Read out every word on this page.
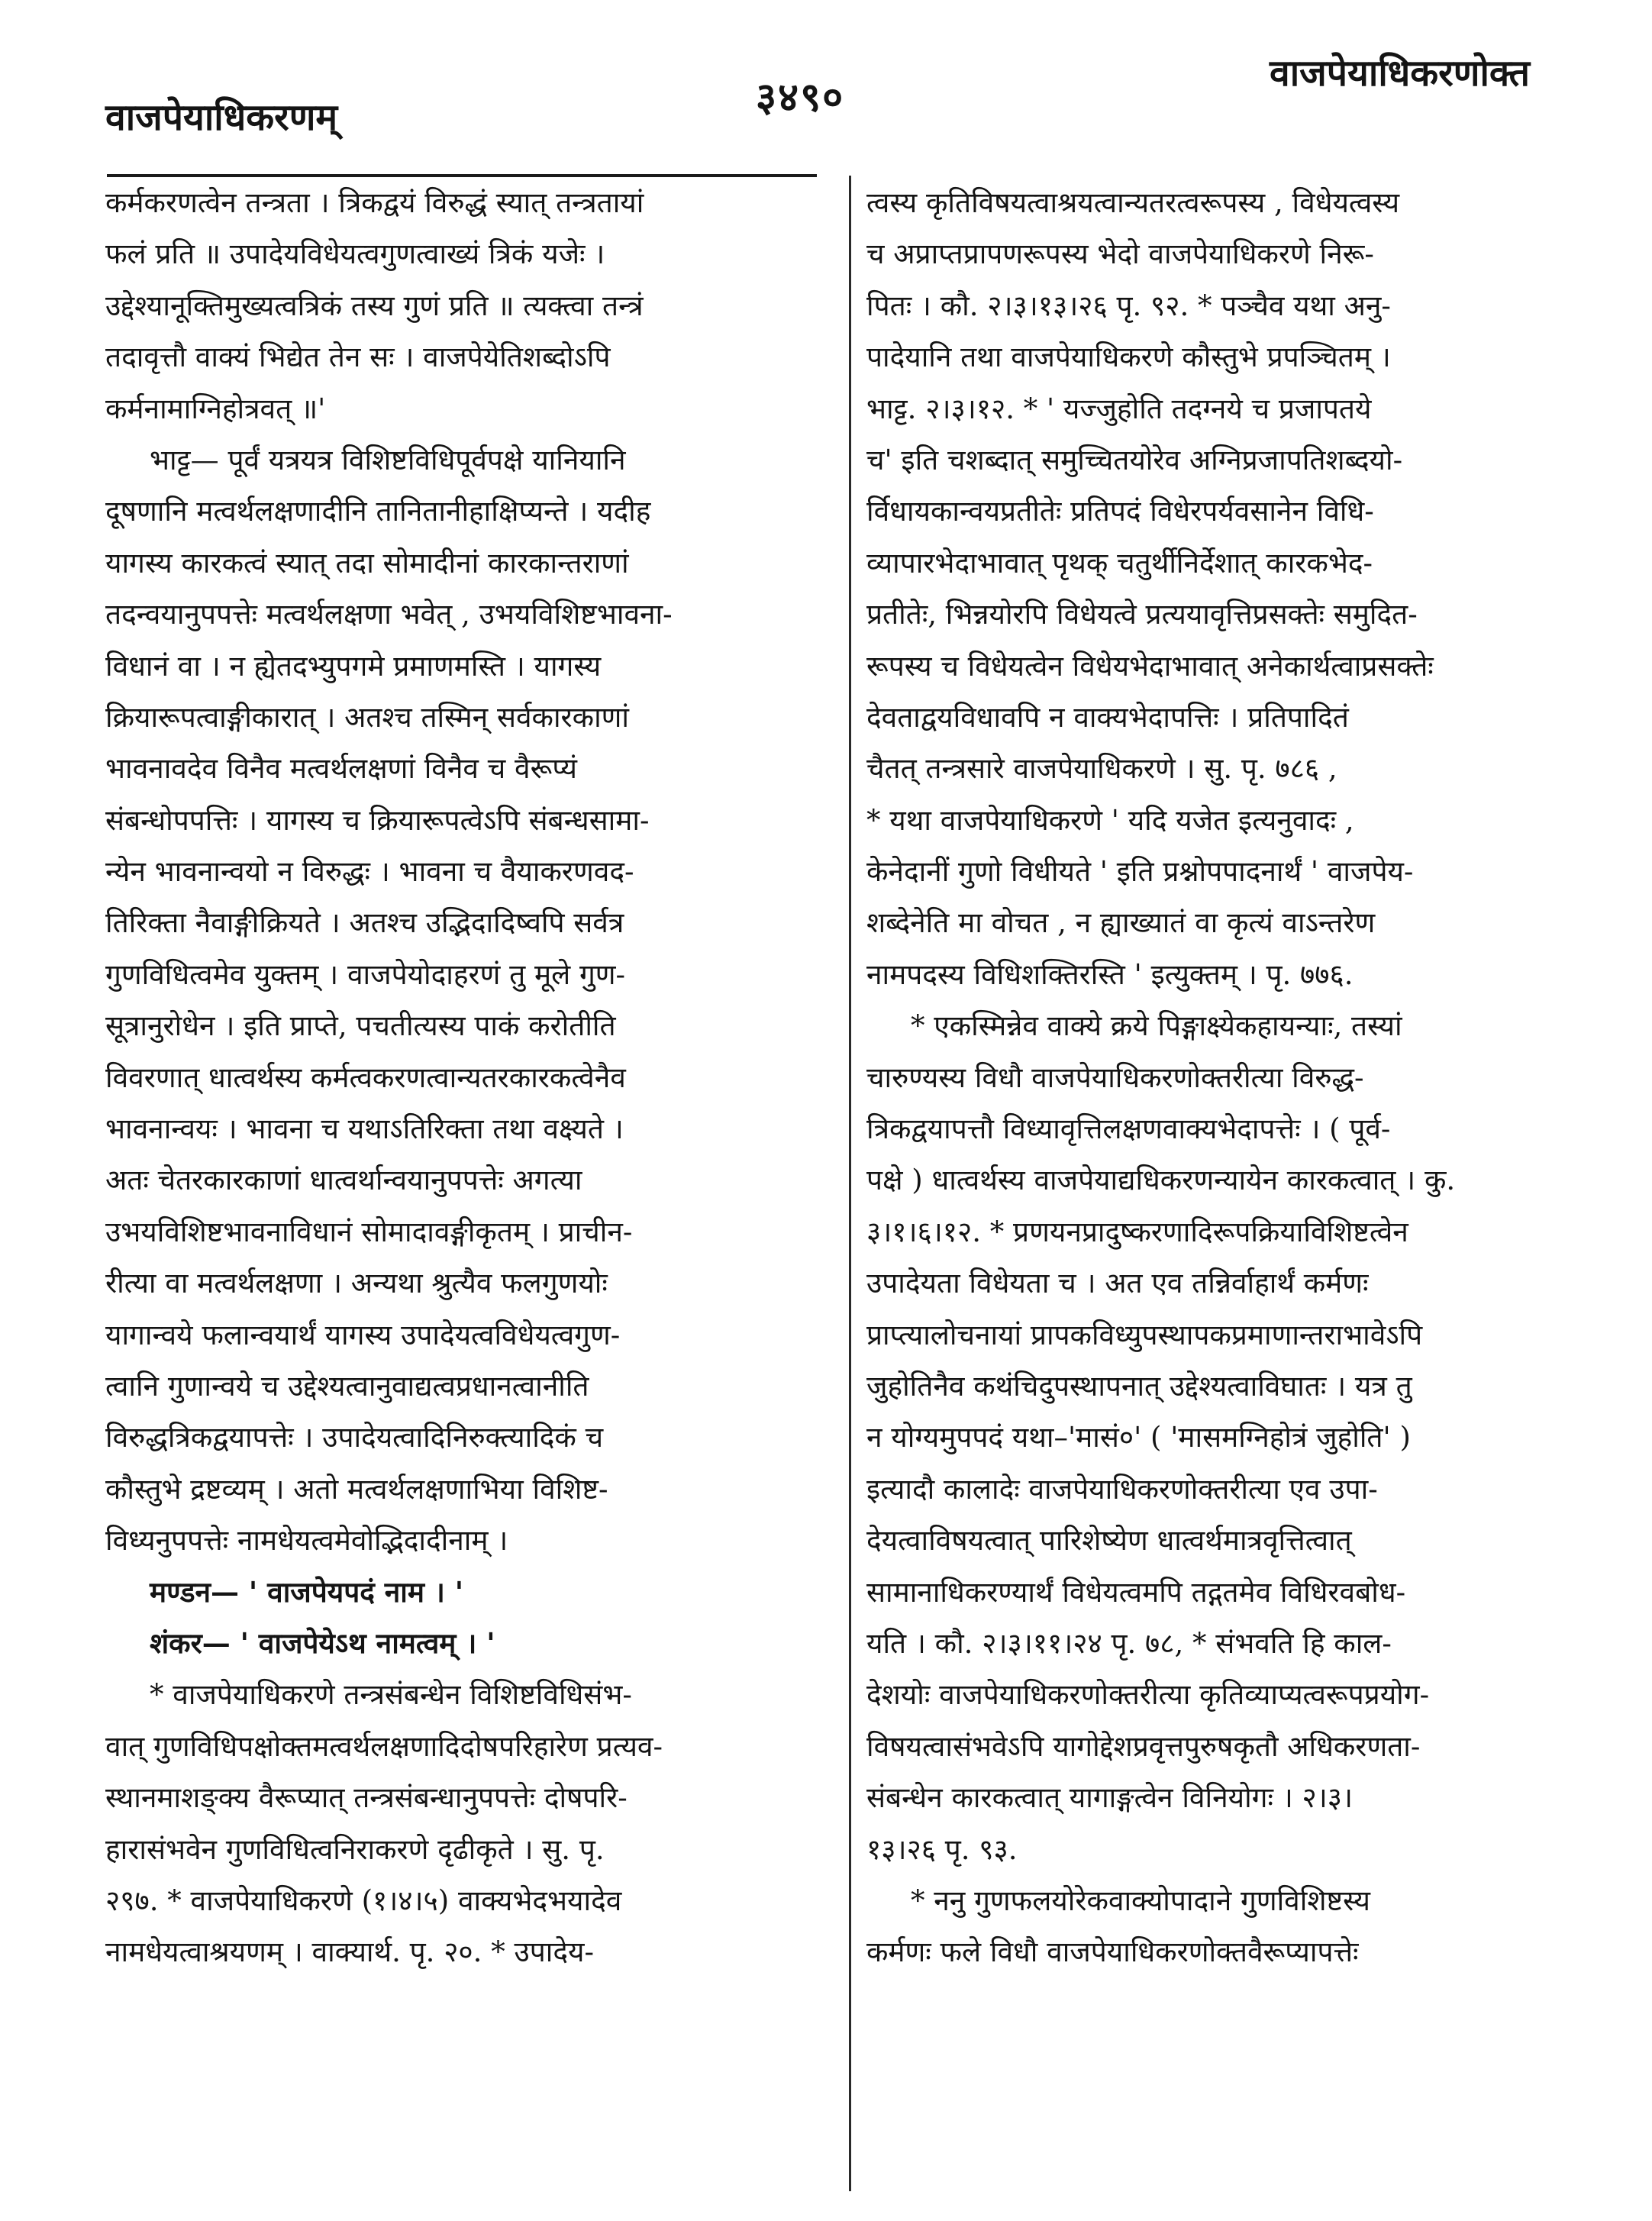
वाजपेयाधिकरणम्	३४९०
वाजपेयाधिकरणोक्त
कर्मकरणत्वेन तन्त्रता । त्रिकद्वयं विरुद्धं स्यात् तन्त्रतायां
फलं प्रति ॥ उपादेयविधेयत्वगुणत्वाख्यं त्रिकं यजेः ।
उद्देश्यानूक्तिमुख्यत्वत्रिकं तस्य गुणं प्रति ॥ त्यक्त्वा तन्त्रं
तदावृत्तौ वाक्यं भिद्येत तेन सः । वाजपेयेतिशब्दोऽपि
कर्मनामाग्निहोत्रवत् ॥'
भाट्ट— पूर्वं यत्रयत्र विशिष्टविधिपूर्वपक्षे यानियानि
दूषणानि मत्वर्थलक्षणादीनि तानितानीहाक्षिप्यन्ते । यदीह
यागस्य कारकत्वं स्यात् तदा सोमादीनां कारकान्तराणां
तदन्वयानुपपत्तेः मत्वर्थलक्षणा भवेत् , उभयविशिष्टभावना-
विधानं वा । न ह्येतदभ्युपगमे प्रमाणमस्ति । यागस्य
क्रियारूपत्वाङ्गीकारात् । अतश्च तस्मिन् सर्वकारकाणां
भावनावदेव विनैव मत्वर्थलक्षणां विनैव च वैरूप्यं
संबन्धोपपत्तिः । यागस्य च क्रियारूपत्वेऽपि संबन्धसामा-
न्येन भावनान्वयो न विरुद्धः । भावना च वैयाकरणवद-
तिरिक्ता नैवाङ्गीक्रियते । अतश्च उद्भिदादिष्वपि सर्वत्र
गुणविधित्वमेव युक्तम् । वाजपेयोदाहरणं तु मूले गुण-
सूत्रानुरोधेन । इति प्राप्ते, पचतीत्यस्य पाकं करोतीति
विवरणात् धात्वर्थस्य कर्मत्वकरणत्वान्यतरकारकत्वेनैव
भावनान्वयः । भावना च यथाऽतिरिक्ता तथा वक्ष्यते ।
अतः चेतरकारकाणां धात्वर्थान्वयानुपपत्तेः अगत्या
उभयविशिष्टभावनाविधानं सोमादावङ्गीकृतम् । प्राचीन-
रीत्या वा मत्वर्थलक्षणा । अन्यथा श्रुत्यैव फलगुणयोः
यागान्वये फलान्वयार्थं यागस्य उपादेयत्वविधेयत्वगुण-
त्वानि गुणान्वये च उद्देश्यत्वानुवाद्यत्वप्रधानत्वानीति
विरुद्धत्रिकद्वयापत्तेः । उपादेयत्वादिनिरुक्त्यादिकं च
कौस्तुभे द्रष्टव्यम् । अतो मत्वर्थलक्षणाभिया विशिष्ट-
विध्यनुपपत्तेः नामधेयत्वमेवोद्भिदादीनाम् ।
मण्डन— ' वाजपेयपदं नाम । '
शंकर— ' वाजपेयेऽथ नामत्वम् । '
* वाजपेयाधिकरणे तन्त्रसंबन्धेन विशिष्टविधिसंभ-
वात् गुणविधिपक्षोक्तमत्वर्थलक्षणादिदोषपरिहारेण प्रत्यव-
स्थानमाशङ्क्य वैरूप्यात् तन्त्रसंबन्धानुपपत्तेः दोषपरि-
हारासंभवेन गुणविधित्वनिराकरणे दृढीकृते । सु. पृ.
२९७. * वाजपेयाधिकरणे (१।४।५) वाक्यभेदभयादेव
नामधेयत्वाश्रयणम् । वाक्यार्थ. पृ. २०. * उपादेय-
त्वस्य कृतिविषयत्वाश्रयत्वान्यतरत्वरूपस्य , विधेयत्वस्य
च अप्राप्तप्रापणरूपस्य भेदो वाजपेयाधिकरणे निरू-
पितः । कौ. २।३।१३।२६ पृ. ९२. * पञ्चैव यथा अनु-
पादेयानि तथा वाजपेयाधिकरणे कौस्तुभे प्रपञ्चितम् ।
भाट्ट. २।३।१२. * ' यज्जुहोति तदग्नये च प्रजापतये
च' इति चशब्दात् समुच्चितयोरेव अग्निप्रजापतिशब्दयो-
र्विधायकान्वयप्रतीतेः प्रतिपदं विधेरपर्यवसानेन विधि-
व्यापारभेदाभावात् पृथक् चतुर्थीनिर्देशात् कारकभेद-
प्रतीतेः, भिन्नयोरपि विधेयत्वे प्रत्ययावृत्तिप्रसक्तेः समुदित-
रूपस्य च विधेयत्वेन विधेयभेदाभावात् अनेकार्थत्वाप्रसक्तेः
देवताद्वयविधावपि न वाक्यभेदापत्तिः । प्रतिपादितं
चैतत् तन्त्रसारे वाजपेयाधिकरणे । सु. पृ. ७८६ ,
* यथा वाजपेयाधिकरणे ' यदि यजेत इत्यनुवादः ,
केनेदानीं गुणो विधीयते ' इति प्रश्नोपपादनार्थं ' वाजपेय-
शब्देनेति मा वोचत , न ह्याख्यातं वा कृत्यं वाऽन्तरेण
नामपदस्य विधिशक्तिरस्ति ' इत्युक्तम् । पृ. ७७६.
* एकस्मिन्नेव वाक्ये क्रये पिङ्गाक्ष्येकहायन्याः, तस्यां
चारुण्यस्य विधौ वाजपेयाधिकरणोक्तरीत्या विरुद्ध-
त्रिकद्वयापत्तौ विध्यावृत्तिलक्षणवाक्यभेदापत्तेः । ( पूर्व-
पक्षे ) धात्वर्थस्य वाजपेयाद्यधिकरणन्यायेन कारकत्वात् । कु.
३।१।६।१२. * प्रणयनप्रादुष्करणादिरूपक्रियाविशिष्टत्वेन
उपादेयता विधेयता च । अत एव तन्निर्वाहार्थं कर्मणः
प्राप्त्यालोचनायां प्रापकविध्युपस्थापकप्रमाणान्तराभावेऽपि
जुहोतिनैव कथंचिदुपस्थापनात् उद्देश्यत्वाविघातः । यत्र तु
न योग्यमुपपदं यथा–'मासं०' ( 'मासमग्निहोत्रं जुहोति' )
इत्यादौ कालादेः वाजपेयाधिकरणोक्तरीत्या एव उपा-
देयत्वाविषयत्वात् पारिशेष्येण धात्वर्थमात्रवृत्तित्वात्
सामानाधिकरण्यार्थं विधेयत्वमपि तद्गतमेव विधिरवबोध-
यति । कौ. २।३।११।२४ पृ. ७८, * संभवति हि काल-
देशयोः वाजपेयाधिकरणोक्तरीत्या कृतिव्याप्यत्वरूपप्रयोग-
विषयत्वासंभवेऽपि यागोद्देशप्रवृत्तपुरुषकृतौ अधिकरणता-
संबन्धेन कारकत्वात् यागाङ्गत्वेन विनियोगः । २।३।
१३।२६ पृ. ९३.
* ननु गुणफलयोरेकवाक्योपादाने गुणविशिष्टस्य
कर्मणः फले विधौ वाजपेयाधिकरणोक्तवैरूप्यापत्तेः
